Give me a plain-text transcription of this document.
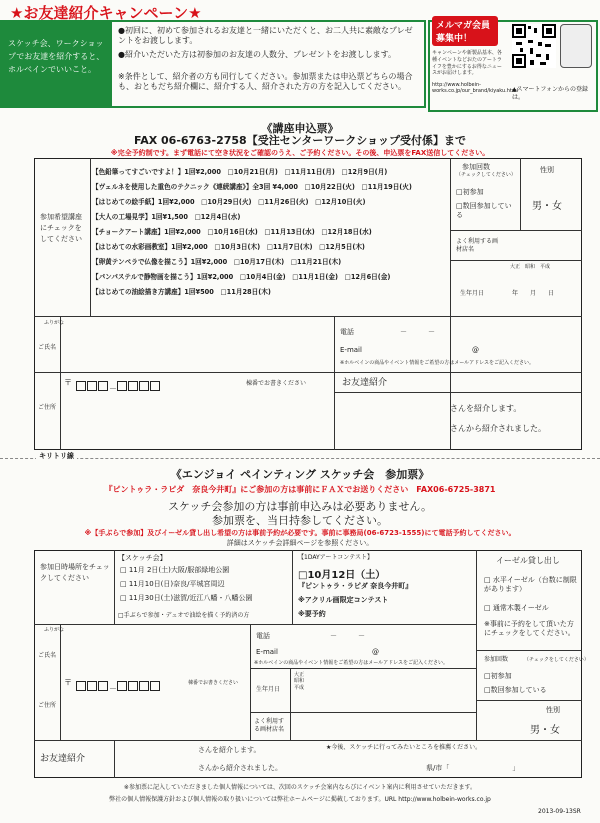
★お友達紹介キャンペーン★
スケッチ会、ワークショップでお友達を紹介すると、ホルベインでいいこと。
●初回に、初めて参加されるお友達と一緒にいただくと、お二人共に素敵なプレゼントをお渡しします。
●紹介いただいた方は初参加のお友達の人数分、プレゼントをお渡しします。
※条件として、紹介者の方も同行してください。参加票または申込票どちらの場合も、おともだち紹介欄に、紹介する人、紹介された方の方を記入してください。
メルマガ会員募集中！
キャンペーンや新製品基本、各種イベントなどおたのアートライフを豊かにするお得なニュースがお届けします。
http://www.holbein-works.co.jp/our_brand/kiyaku.html
▲スマートフォンからの登録は。
《講座申込票》
FAX 06-6763-2758【受注センターワークショップ受付係】まで
※完全予約制です。まず電話にて空き状況をご確認のうえ、ご予約ください。その後、申込票をFAX送信してください。
参加希望講座にチェックをしてください
【色鉛筆ってすごいですよ！】1回¥2,000　□10月21日(月)　□11月11日(月)　□12月9日(月)
【ヴェルネを使用した重色のテクニック《連続講座》】全3回 ¥4,000　□10月22日(火)　□11月19日(火)
【はじめての絵手紙】1回¥2,000　□10月29日(火)　□11月26日(火)　□12月10日(火)
【大人の工場見学】1回¥1,500　□12月4日(水)
【チョークアート講座】1回¥2,000　□10月16日(水)　□11月13日(水)　□12月18日(水)
【はじめての水彩画教室】1回¥2,000　□10月3日(木)　□11月7日(木)　□12月5日(木)
【卵黄テンペラで仏像を描こう】1回¥2,000　□10月17日(木)　□11月21日(木)
【パンパステルで静物画を描こう】1回¥2,000　□10月4日(金)　□11月1日(金)　□12月6日(金)
【はじめての油絵描き方講座】1回¥500　□11月28日(木)
参加回数
（チェックしてください）
□初参加
□数回参加している
性別
男・女
よく利用する画材店名
大正　昭和　平成
生年月日	年　　月　　日
ふりがな
ご氏名
電話	－　　　－
E-mail	@
※ホルベインの商品やイベント情報をご希望の方はメールアドレスをご記入ください。
ご住所
〒
－
棟番でお書きください	お友達紹介
さんを紹介します。
さんから紹介されました。
キリトリ線
《エンジョイ ペインティング スケッチ会　参加票》
『ピントゥラ・ラピダ　奈良今井町』にご参加の方は事前にＦＡＸでお送りください　FAX06-6725-3871
スケッチ会参加の方は事前申込みは必要ありません。
参加票を、当日持参してください。
※【手ぶらで参加】及びイーゼル貸し出し希望の方は事前予約が必要です。事前に事務局(06-6723-1555)にて電話予約してください。
詳細はスケッチ会詳細ページを参照ください。
参加日時場所をチェックしてください
【スケッチ会】
□ 11月 2日(土)大阪/服部緑地公園
□ 11月10日(日)奈良/平城宮周辺
□ 11月30日(土)滋賀/近江八幡・八幡公園
□手ぶらで参加・デュオで油絵を描く予約済の方
【1DAYアートコンテスト】
□10月12日（土）
『ピントゥラ・ラピダ 奈良今井町』
※アクリル画限定コンテスト
※要予約
イーゼル貸し出し
□ 水平イーゼル（台数に制限があります）
□ 通常木製イーゼル
※事前に予約をして頂いた方にチェックをしてください。
参加回数	（チェックをしてください）
□初参加
□数回参加している
性別
男・女
ふりがな
ご氏名
電話	－　　　－
E-mail	@
※ホルベインの商品やイベント情報をご希望の方はメールアドレスをご記入ください。
ご住所
〒
－
棟番でお書きください
生年月日
大正　昭和　平成
よく利用する画材店名
お友達紹介
さんを紹介します。
さんから紹介されました。
★今後、スケッチに行ってみたいところを推薦ください。
県/市「　　　　　　　　　」
※参加票に記入していただきました個人情報については、次回のスケッチ会案内ならびにイベント案内に利用させていただきます。
弊社の個人情報保護方針および個人情報の取り扱いについては弊社ホームページに掲載しております。URL http://www.holbein-works.co.jp
2013-09-13SR
